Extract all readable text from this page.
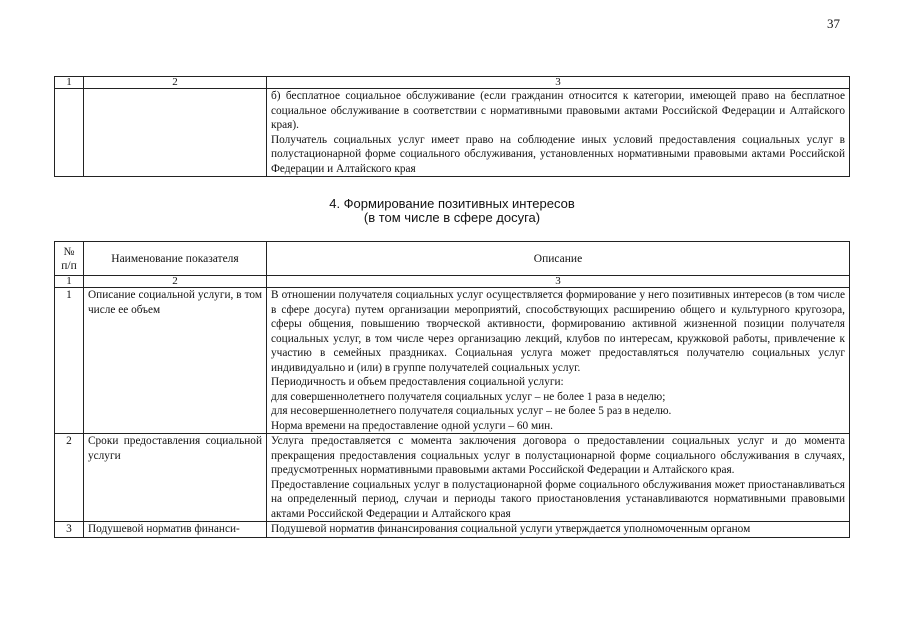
37
1	2	3

		б) бесплатное социальное обслуживание (если гражданин относится к категории, имеющей право на бесплатное социальное обслуживание в соответствии с нормативными правовыми актами Российской Федерации и Алтайского края).

Получатель социальных услуг имеет право на соблюдение иных условий предоставления социальных услуг в полустационарной форме социального обслуживания, установленных нормативными правовыми актами Российской Федерации и Алтайского края

4. Формирование позитивных интересов
(в том числе в сфере досуга)
№ п/п	Наименование показателя	Описание
1	2	3
1	Описание социальной услуги, в том числе ее объем	В отношении получателя социальных услуг осуществляется формирование у него позитивных интересов (в том числе в сфере досуга) путем организации мероприятий, способствующих расширению общего и культурного кругозора, сферы общения, повышению творческой активности, формированию активной жизненной позиции получателя социальных услуг, в том числе через организацию лекций, клубов по интересам, кружковой работы, привлечение к участию в семейных праздниках. Социальная услуга может предоставляться получателю социальных услуг индивидуально и (или) в группе получателей социальных услуг.

Периодичность и объем предоставления социальной услуги:

для совершеннолетнего получателя социальных услуг – не более 1 раза в неделю;

для несовершеннолетнего получателя социальных услуг – не более 5 раз в неделю.

Норма времени на предоставление одной услуги – 60 мин.

2	Сроки предоставления социальной услуги	Услуга предоставляется с момента заключения договора о предоставлении социальных услуг и до момента прекращения предоставления социальных услуг в полустационарной форме социального обслуживания в случаях, предусмотренных нормативными правовыми актами Российской Федерации и Алтайского края.

Предоставление социальных услуг в полустационарной форме социального обслуживания может приостанавливаться на определенный период, случаи и периоды такого приостановления устанавливаются нормативными правовыми актами Российской Федерации и Алтайского края

3	Подушевой норматив финанси-	Подушевой норматив финансирования социальной услуги утверждается уполномоченным органом
